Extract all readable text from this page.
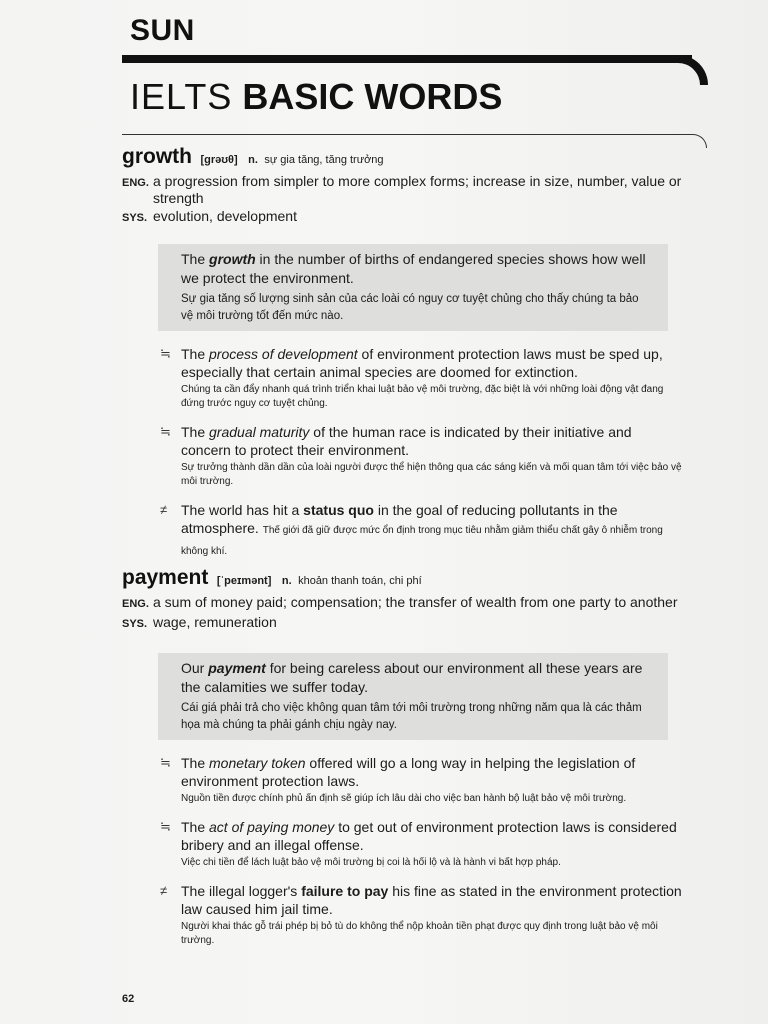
SUN
IELTS BASIC WORDS
growth [grəʊθ] n. sự gia tăng, tăng trưởng
ENG. a progression from simpler to more complex forms; increase in size, number, value or strength
SYS. evolution, development
The growth in the number of births of endangered species shows how well we protect the environment.
Sự gia tăng số lượng sinh sản của các loài có nguy cơ tuyệt chủng cho thấy chúng ta bảo vệ môi trường tốt đến mức nào.
≒ The process of development of environment protection laws must be sped up, especially that certain animal species are doomed for extinction.
Chúng ta cần đẩy nhanh quá trình triển khai luật bảo vệ môi trường, đặc biệt là với những loài động vật đang đứng trước nguy cơ tuyệt chủng.
≒ The gradual maturity of the human race is indicated by their initiative and concern to protect their environment.
Sự trưởng thành dần dần của loài người được thể hiện thông qua các sáng kiến và mối quan tâm tới việc bảo vệ môi trường.
≠ The world has hit a status quo in the goal of reducing pollutants in the atmosphere. Thế giới đã giữ được mức ổn định trong mục tiêu nhằm giảm thiểu chất gây ô nhiễm trong không khí.
payment [ˈpeɪmənt] n. khoản thanh toán, chi phí
ENG. a sum of money paid; compensation; the transfer of wealth from one party to another
SYS. wage, remuneration
Our payment for being careless about our environment all these years are the calamities we suffer today.
Cái giá phải trả cho việc không quan tâm tới môi trường trong những năm qua là các thảm họa mà chúng ta phải gánh chịu ngày nay.
≒ The monetary token offered will go a long way in helping the legislation of environment protection laws.
Nguồn tiền được chính phủ ấn định sẽ giúp ích lâu dài cho việc ban hành bộ luật bảo vệ môi trường.
≒ The act of paying money to get out of environment protection laws is considered bribery and an illegal offense.
Việc chi tiền để lách luật bảo vệ môi trường bị coi là hối lộ và là hành vi bất hợp pháp.
≠ The illegal logger's failure to pay his fine as stated in the environment protection law caused him jail time.
Người khai thác gỗ trái phép bị bỏ tù do không thể nộp khoản tiền phạt được quy định trong luật bảo vệ môi trường.
62
